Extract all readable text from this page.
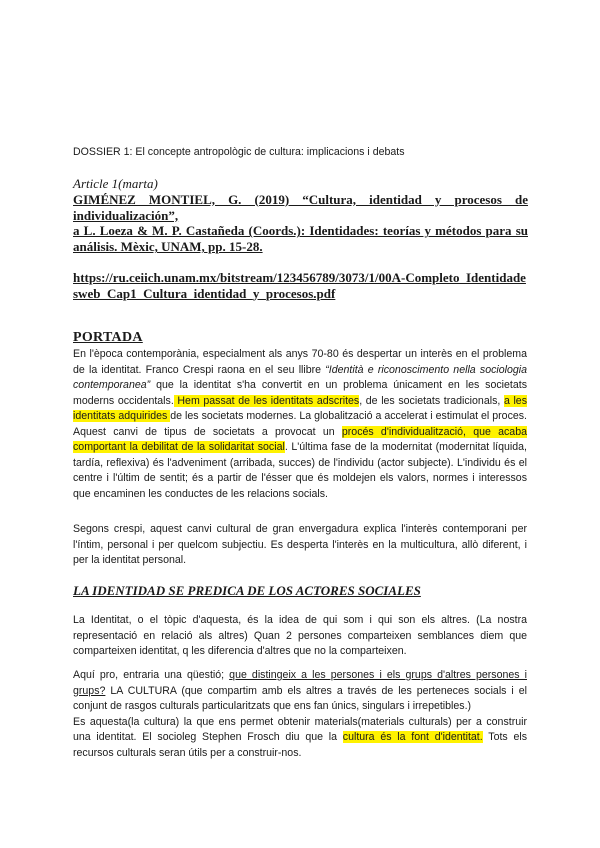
DOSSIER 1: El concepte antropològic de cultura: implicacions i debats
Article 1(marta)
GIMÉNEZ MONTIEL, G. (2019) “Cultura, identidad y procesos de individualización”,
a L. Loeza & M. P. Castañeda (Coords.): Identidades: teorías y métodos para su análisis. Mèxic, UNAM, pp. 15-28.
https://ru.ceiich.unam.mx/bitstream/123456789/3073/1/00A-Completo_Identidadesweb_Cap1_Cultura_identidad_y_procesos.pdf
PORTADA

En l'època contemporània, especialment als anys 70-80 és despertar un interès en el problema de la identitat. Franco Crespi raona en el seu llibre “Identità e riconoscimento nella sociologia contemporanea” que la identitat s'ha convertit en un problema únicament en les societats moderns occidentals. Hem passat de les identitats adscrites, de les societats tradicionals, a les identitats adquirides de les societats modernes. La globalització a accelerat i estimulat el proces. Aquest canvi de tipus de societats a provocat un procés d'individualització, que acaba comportant la debilitat de la solidaritat social. L'última fase de la modernitat (modernitat líquida, tardía, reflexiva) és l'adveniment (arribada, succes) de l'individu (actor subjecte). L'individu és el centre i l'últim de sentit; és a partir de l'ésser que és moldejen els valors, normes i interessos que encaminen les conductes de les relacions socials.

Segons crespi, aquest canvi cultural de gran envergadura explica l'interès contemporani per l'íntim, personal i per quelcom subjectiu. Es desperta l'interès en la multicultura, allò diferent, i per la identitat personal.

LA IDENTIDAD SE PREDICA DE LOS ACTORES SOCIALES

La Identitat, o el tòpic d'aquesta, és la idea de qui som i qui son els altres. (La nostra representació en relació als altres) Quan 2 persones comparteixen semblances diem que comparteixen identitat, q les diferencia d'altres que no la comparteixen.

Aquí pro, entraria una qüestió; que distingeix a les persones i els grups d'altres persones i grups? LA CULTURA (que compartim amb els altres a través de les perteneces socials i el conjunt de rasgos culturals particularitzats que ens fan únics, singulars i irrepetibles.)
Es aquesta(la cultura) la que ens permet obtenir materials(materials culturals) per a construir una identitat. El socioleg Stephen Frosch diu que la cultura és la font d'identitat. Tots els recursos culturals seran útils per a construir-nos.
